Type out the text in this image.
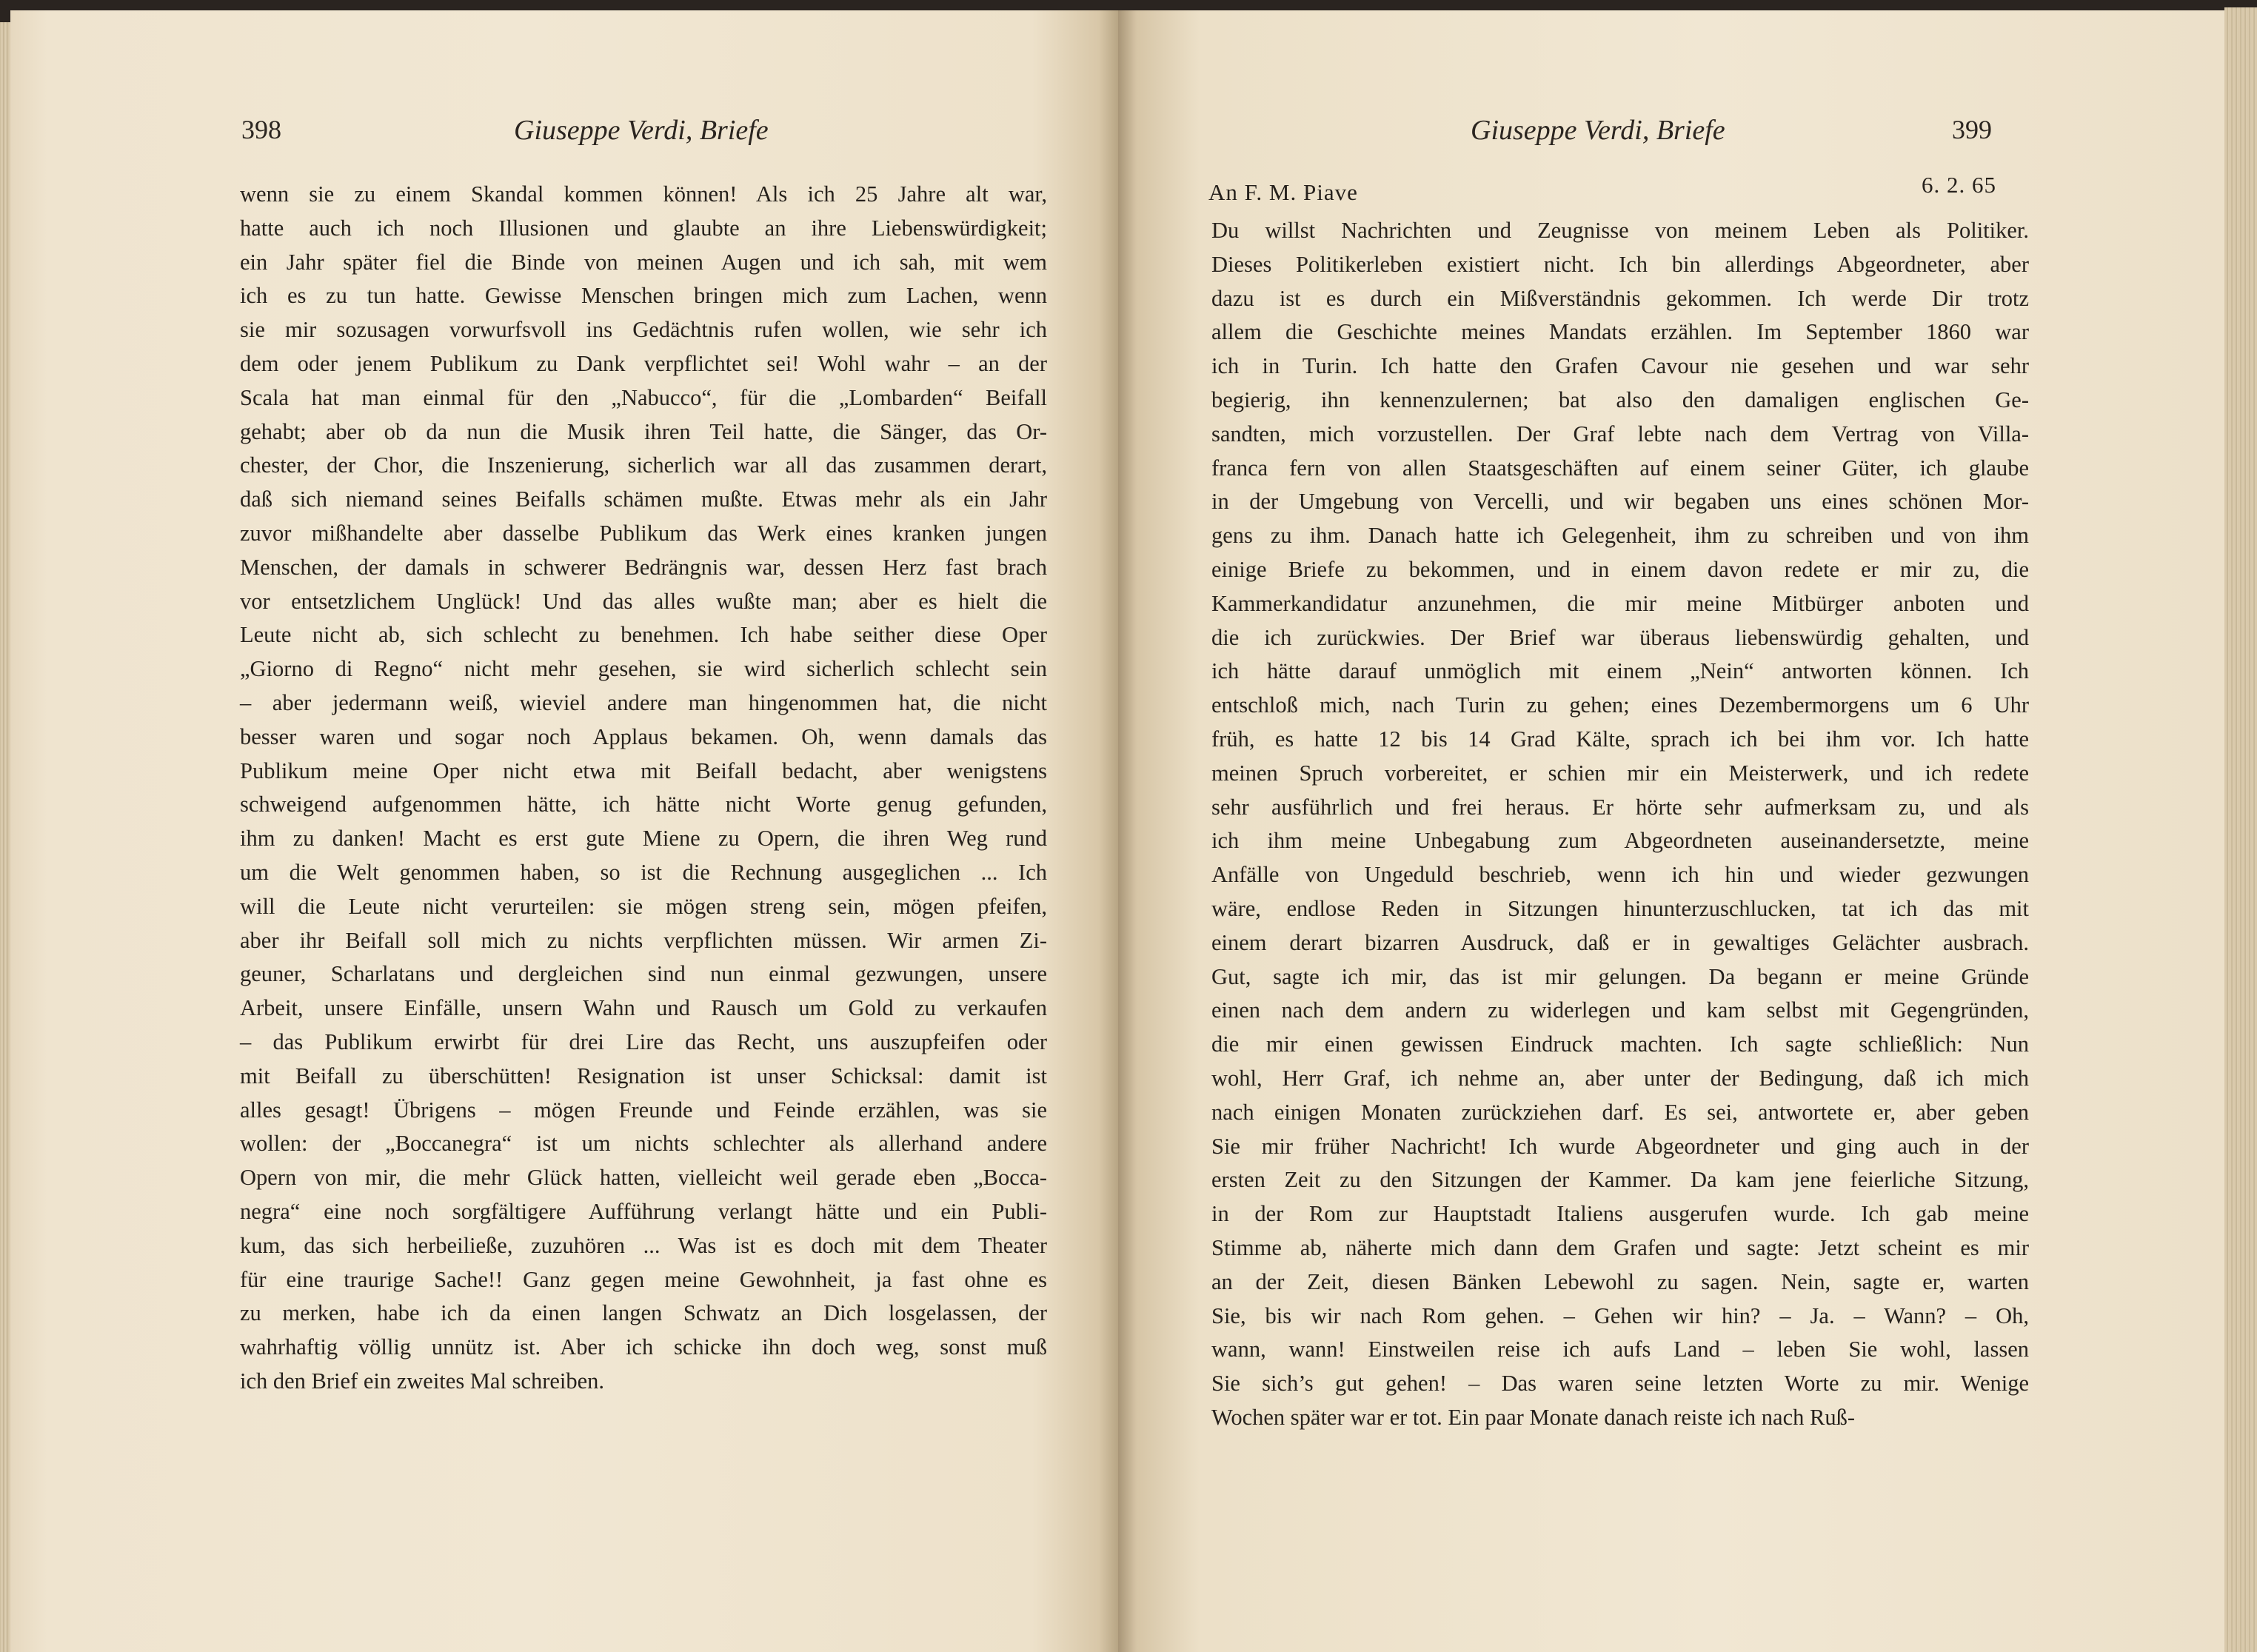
398	Giuseppe Verdi, Briefe
wenn sie zu einem Skandal kommen können! Als ich 25 Jahre alt war,
hatte auch ich noch Illusionen und glaubte an ihre Liebenswürdigkeit;
ein Jahr später fiel die Binde von meinen Augen und ich sah, mit wem
ich es zu tun hatte. Gewisse Menschen bringen mich zum Lachen, wenn
sie mir sozusagen vorwurfsvoll ins Gedächtnis rufen wollen, wie sehr ich
dem oder jenem Publikum zu Dank verpflichtet sei! Wohl wahr – an der
Scala hat man einmal für den „Nabucco“, für die „Lombarden“ Beifall
gehabt; aber ob da nun die Musik ihren Teil hatte, die Sänger, das Or-
chester, der Chor, die Inszenierung, sicherlich war all das zusammen derart,
daß sich niemand seines Beifalls schämen mußte. Etwas mehr als ein Jahr
zuvor mißhandelte aber dasselbe Publikum das Werk eines kranken jungen
Menschen, der damals in schwerer Bedrängnis war, dessen Herz fast brach
vor entsetzlichem Unglück! Und das alles wußte man; aber es hielt die
Leute nicht ab, sich schlecht zu benehmen. Ich habe seither diese Oper
„Giorno di Regno“ nicht mehr gesehen, sie wird sicherlich schlecht sein
– aber jedermann weiß, wieviel andere man hingenommen hat, die nicht
besser waren und sogar noch Applaus bekamen. Oh, wenn damals das
Publikum meine Oper nicht etwa mit Beifall bedacht, aber wenigstens
schweigend aufgenommen hätte, ich hätte nicht Worte genug gefunden,
ihm zu danken! Macht es erst gute Miene zu Opern, die ihren Weg rund
um die Welt genommen haben, so ist die Rechnung ausgeglichen ... Ich
will die Leute nicht verurteilen: sie mögen streng sein, mögen pfeifen,
aber ihr Beifall soll mich zu nichts verpflichten müssen. Wir armen Zi-
geuner, Scharlatans und dergleichen sind nun einmal gezwungen, unsere
Arbeit, unsere Einfälle, unsern Wahn und Rausch um Gold zu verkaufen
– das Publikum erwirbt für drei Lire das Recht, uns auszupfeifen oder
mit Beifall zu überschütten! Resignation ist unser Schicksal: damit ist
alles gesagt! Übrigens – mögen Freunde und Feinde erzählen, was sie
wollen: der „Boccanegra“ ist um nichts schlechter als allerhand andere
Opern von mir, die mehr Glück hatten, vielleicht weil gerade eben „Bocca-
negra“ eine noch sorgfältigere Aufführung verlangt hätte und ein Publi-
kum, das sich herbeiließe, zuzuhören ... Was ist es doch mit dem Theater
für eine traurige Sache!! Ganz gegen meine Gewohnheit, ja fast ohne es
zu merken, habe ich da einen langen Schwatz an Dich losgelassen, der
wahrhaftig völlig unnütz ist. Aber ich schicke ihn doch weg, sonst muß
ich den Brief ein zweites Mal schreiben.
Giuseppe Verdi, Briefe	399
An F. M. Piave	6. 2. 65
Du willst Nachrichten und Zeugnisse von meinem Leben als Politiker.
Dieses Politikerleben existiert nicht. Ich bin allerdings Abgeordneter, aber
dazu ist es durch ein Mißverständnis gekommen. Ich werde Dir trotz
allem die Geschichte meines Mandats erzählen. Im September 1860 war
ich in Turin. Ich hatte den Grafen Cavour nie gesehen und war sehr
begierig, ihn kennenzulernen; bat also den damaligen englischen Ge-
sandten, mich vorzustellen. Der Graf lebte nach dem Vertrag von Villa-
franca fern von allen Staatsgeschäften auf einem seiner Güter, ich glaube
in der Umgebung von Vercelli, und wir begaben uns eines schönen Mor-
gens zu ihm. Danach hatte ich Gelegenheit, ihm zu schreiben und von ihm
einige Briefe zu bekommen, und in einem davon redete er mir zu, die
Kammerkandidatur anzunehmen, die mir meine Mitbürger anboten und
die ich zurückwies. Der Brief war überaus liebenswürdig gehalten, und
ich hätte darauf unmöglich mit einem „Nein“ antworten können. Ich
entschloß mich, nach Turin zu gehen; eines Dezembermorgens um 6 Uhr
früh, es hatte 12 bis 14 Grad Kälte, sprach ich bei ihm vor. Ich hatte
meinen Spruch vorbereitet, er schien mir ein Meisterwerk, und ich redete
sehr ausführlich und frei heraus. Er hörte sehr aufmerksam zu, und als
ich ihm meine Unbegabung zum Abgeordneten auseinandersetzte, meine
Anfälle von Ungeduld beschrieb, wenn ich hin und wieder gezwungen
wäre, endlose Reden in Sitzungen hinunterzuschlucken, tat ich das mit
einem derart bizarren Ausdruck, daß er in gewaltiges Gelächter ausbrach.
Gut, sagte ich mir, das ist mir gelungen. Da begann er meine Gründe
einen nach dem andern zu widerlegen und kam selbst mit Gegengründen,
die mir einen gewissen Eindruck machten. Ich sagte schließlich: Nun
wohl, Herr Graf, ich nehme an, aber unter der Bedingung, daß ich mich
nach einigen Monaten zurückziehen darf. Es sei, antwortete er, aber geben
Sie mir früher Nachricht! Ich wurde Abgeordneter und ging auch in der
ersten Zeit zu den Sitzungen der Kammer. Da kam jene feierliche Sitzung,
in der Rom zur Hauptstadt Italiens ausgerufen wurde. Ich gab meine
Stimme ab, näherte mich dann dem Grafen und sagte: Jetzt scheint es mir
an der Zeit, diesen Bänken Lebewohl zu sagen. Nein, sagte er, warten
Sie, bis wir nach Rom gehen. – Gehen wir hin? – Ja. – Wann? – Oh,
wann, wann! Einstweilen reise ich aufs Land – leben Sie wohl, lassen
Sie sich’s gut gehen! – Das waren seine letzten Worte zu mir. Wenige
Wochen später war er tot. Ein paar Monate danach reiste ich nach Ruß-
